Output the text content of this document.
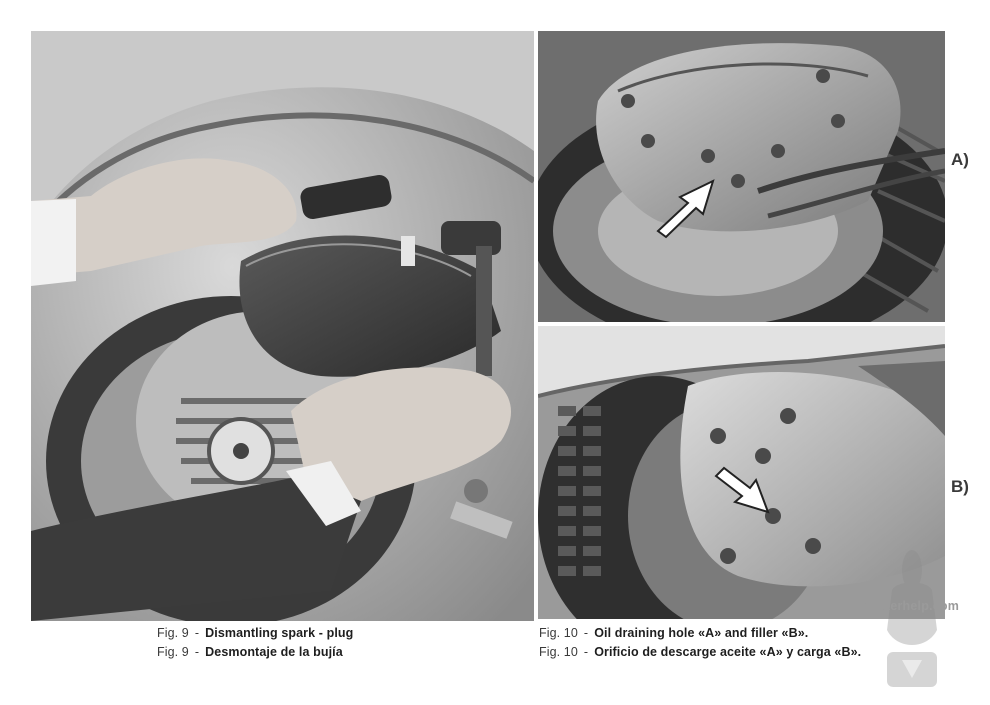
A)
B)
Fig. 9 - Dismantling spark - plug
Fig. 9 - Desmontaje de la bujía
Fig. 10 - Oil draining hole «A» and filler «B».
Fig. 10 - Orificio de descarge aceite «A» y carga «B».
scooterhelp.com
